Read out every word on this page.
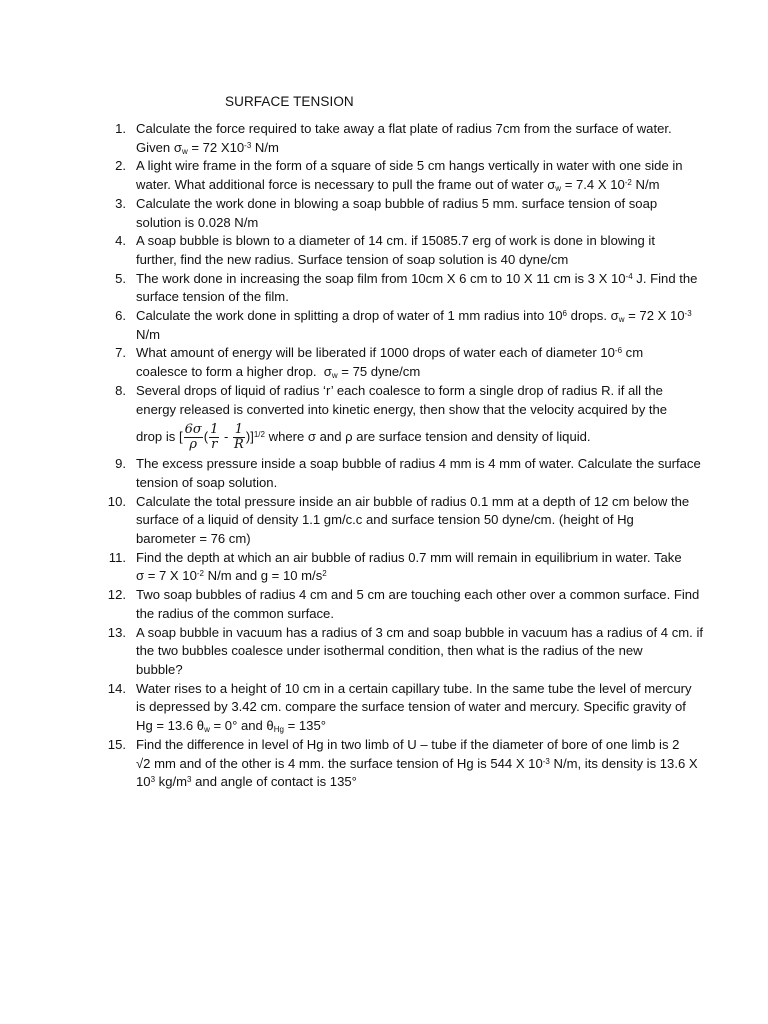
SURFACE TENSION
1. Calculate the force required to take away a flat plate of radius 7cm from the surface of water.
Given $\sigma_w = 72$ $X10^{-3}$ N/m
2. A light wire frame in the form of a square of side 5 cm hangs vertically in water with one side in
water. What additional force is necessary to pull the frame out of water $\sigma_w = 7.4$ X $10^{-2}$ N/m
3. Calculate the work done in blowing a soap bubble of radius 5 mm. surface tension of soap
solution is 0.028 N/m
4. A soap bubble is blown to a diameter of 14 cm. if 15085.7 erg of work is done in blowing it
further, find the new radius. Surface tension of soap solution is 40 dyne/cm
5. The work done in increasing the soap film from 10cm X 6 cm to 10 X 11 cm is 3 X $10^{-4}$ J. Find the
surface tension of the film.
6. Calculate the work done in splitting a drop of water of 1 mm radius into $10^6$ drops. $\sigma_w = 72$ X $10^{-3}$
N/m
7. What amount of energy will be liberated if 1000 drops of water each of diameter $10^{-6}$ cm
coalesce to form a higher drop.  $\sigma_w = 75$ dyne/cm
8. Several drops of liquid of radius ‘r’ each coalesce to form a single drop of radius R. if all the
energy released is converted into kinetic energy, then show that the velocity acquired by the
drop is [ $\frac{6\sigma}{\rho}$ ( $\frac{1}{r} - \frac{1}{R} )]^{1/2}$ where σ and ρ are surface tension and density of liquid.
9. The excess pressure inside a soap bubble of radius 4 mm is 4 mm of water. Calculate the surface
tension of soap solution.
10. Calculate the total pressure inside an air bubble of radius 0.1 mm at a depth of 12 cm below the
surface of a liquid of density 1.1 gm/c.c and surface tension 50 dyne/cm. (height of Hg
barometer = 76 cm)
11. Find the depth at which an air bubble of radius 0.7 mm will remain in equilibrium in water. Take
σ = 7 X $10^{-2}$ N/m and g = 10 $m/s^2$
12. Two soap bubbles of radius 4 cm and 5 cm are touching each other over a common surface. Find
the radius of the common surface.
13. A soap bubble in vacuum has a radius of 3 cm and soap bubble in vacuum has a radius of 4 cm. if
the two bubbles coalesce under isothermal condition, then what is the radius of the new
bubble?
14. Water rises to a height of 10 cm in a certain capillary tube. In the same tube the level of mercury
is depressed by 3.42 cm. compare the surface tension of water and mercury. Specific gravity of
Hg = 13.6 $\theta_w = 0^\circ$ and $\theta_{Hg} = 135^\circ$
15. Find the difference in level of Hg in two limb of U – tube if the diameter of bore of one limb is 2
√2 mm and of the other is 4 mm. the surface tension of Hg is 544 X $10^{-3}$ N/m, its density is 13.6 X
$10^3$ $kg/m^3$ and angle of contact is 135°
